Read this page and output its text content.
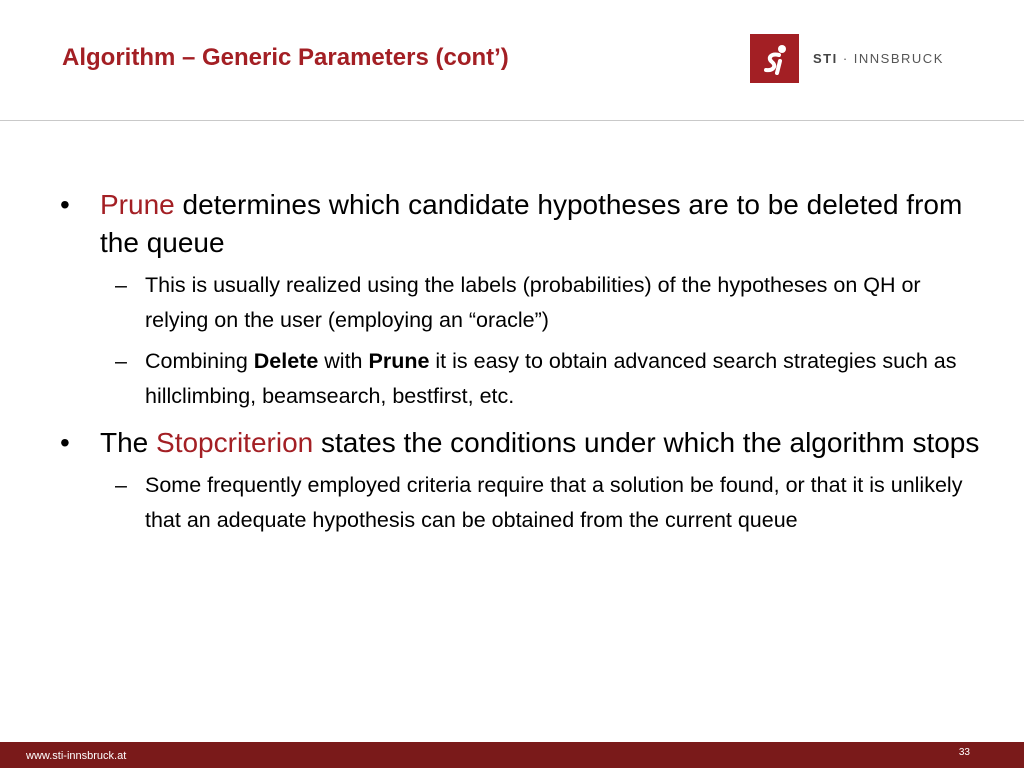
Algorithm – Generic Parameters (cont’)	STI · INNSBRUCK
•	Prune determines which candidate hypotheses are to be deleted from the queue
– This is usually realized using the labels (probabilities) of the hypotheses on QH or relying on the user (employing an “oracle”)
– Combining Delete with Prune it is easy to obtain advanced search strategies such as hillclimbing, beamsearch, bestfirst, etc.
•	The Stopcriterion states the conditions under which the algorithm stops
– Some frequently employed criteria require that a solution be found, or that it is unlikely that an adequate hypothesis can be obtained from the current queue
www.sti-innsbruck.at	33
